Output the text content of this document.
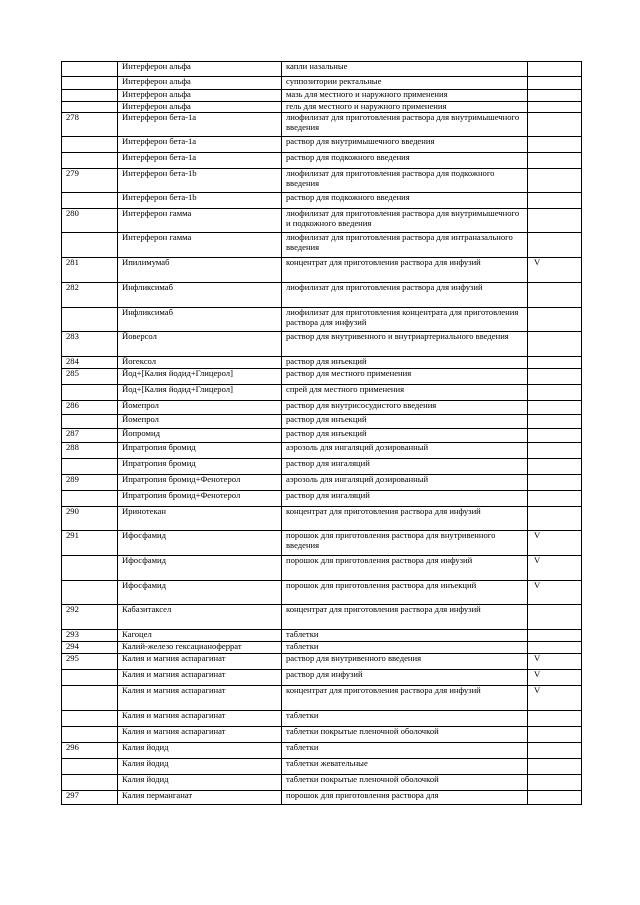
	Интерферон альфа	капли назальные	
	Интерферон альфа	суппозитории ректальные	
	Интерферон альфа	мазь для местного и наружного применения	
	Интерферон альфа	гель для местного и наружного применения	
278	Интерферон бета-1a	лиофилизат для приготовления раствора для внутримышечного введения	
	Интерферон бета-1a	раствор для внутримышечного введения	
	Интерферон бета-1a	раствор для подкожного введения	
279	Интерферон бета-1b	лиофилизат для приготовления раствора для подкожного введения	
	Интерферон бета-1b	раствор для подкожного введения	
280	Интерферон гамма	лиофилизат для приготовления раствора для внутримышечного и подкожного введения	
	Интерферон гамма	лиофилизат для приготовления раствора для интраназального введения	
281	Ипилимумаб	концентрат для приготовления раствора для инфузий	V
282	Инфликсимаб	лиофилизат для приготовления раствора для инфузий	
	Инфликсимаб	лиофилизат для приготовления концентрата для приготовления раствора для инфузий	
283	Йоверсол	раствор для внутривенного и внутриартериального введения	
284	Йогексол	раствор для инъекций	
285	Йод+[Калия йодид+Глицерол]	раствор для местного применения	
	Йод+[Калия йодид+Глицерол]	спрей для местного применения	
286	Йомепрол	раствор для внутрисосудистого введения	
	Йомепрол	раствор для инъекций	
287	Йопромид	раствор для инъекций	
288	Ипратропия бромид	аэрозоль для ингаляций дозированный	
	Ипратропия бромид	раствор для ингаляций	
289	Ипратропия бромид+Фенотерол	аэрозоль для ингаляций дозированный	
	Ипратропия бромид+Фенотерол	раствор для ингаляций	
290	Иринотекан	концентрат для приготовления раствора для инфузий	
291	Ифосфамид	порошок для приготовления раствора для внутривенного введения	V
	Ифосфамид	порошок для приготовления раствора для инфузий	V
	Ифосфамид	порошок для приготовления раствора для инъекций	V
292	Кабазитаксел	концентрат для приготовления раствора для инфузий	
293	Кагоцел	таблетки	
294	Калий-железо гексацианоферрат	таблетки	
295	Калия и магния аспарагинат	раствор для внутривенного введения	V
	Калия и магния аспарагинат	раствор для инфузий	V
	Калия и магния аспарагинат	концентрат для приготовления раствора для инфузий	V
	Калия и магния аспарагинат	таблетки	
	Калия и магния аспарагинат	таблетки покрытые пленочной оболочкой	
296	Калия йодид	таблетки	
	Калия йодид	таблетки жевательные	
	Калия йодид	таблетки покрытые пленочной оболочкой	
297	Калия перманганат	порошок для приготовления раствора для	
